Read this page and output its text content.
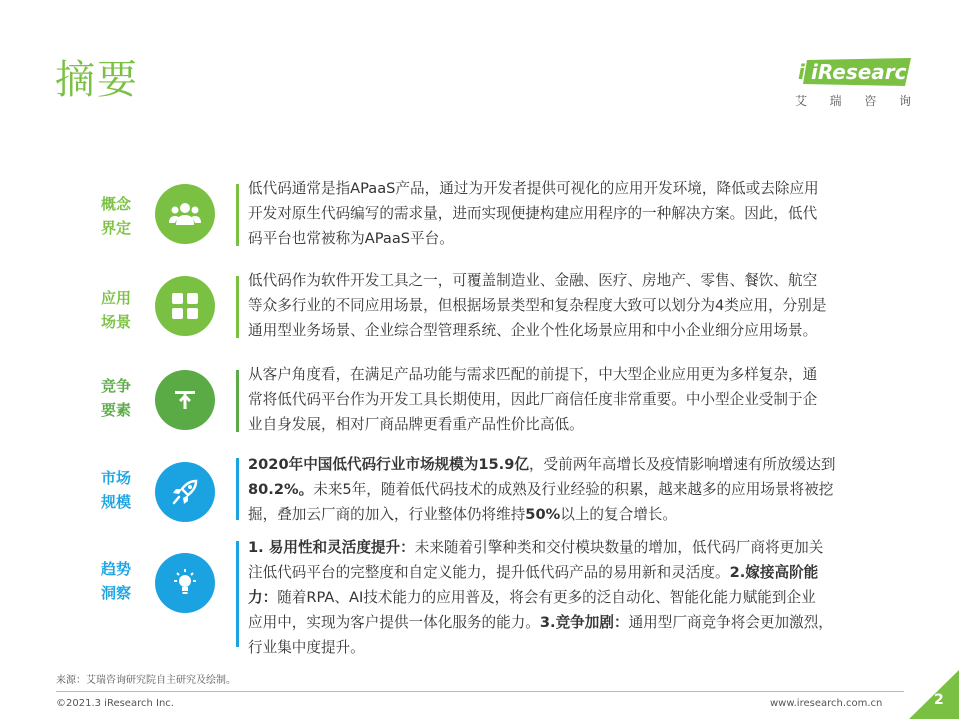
摘要	i iResearch
艾 瑞 咨 询
概念
界定
低代码通常是指APaaS产品，通过为开发者提供可视化的应用开发环境，降低或去除应用
开发对原生代码编写的需求量，进而实现便捷构建应用程序的一种解决方案。因此，低代
码平台也常被称为APaaS平台。
应用
场景
低代码作为软件开发工具之一，可覆盖制造业、金融、医疗、房地产、零售、餐饮、航空
等众多行业的不同应用场景，但根据场景类型和复杂程度大致可以划分为4类应用，分别是
通用型业务场景、企业综合型管理系统、企业个性化场景应用和中小企业细分应用场景。
竞争
要素
从客户角度看，在满足产品功能与需求匹配的前提下，中大型企业应用更为多样复杂，通
常将低代码平台作为开发工具长期使用，因此厂商信任度非常重要。中小型企业受制于企
业自身发展，相对厂商品牌更看重产品性价比高低。
市场
规模
2020年中国低代码行业市场规模为15.9亿，受前两年高增长及疫情影响增速有所放缓达到
80.2%。未来5年，随着低代码技术的成熟及行业经验的积累，越来越多的应用场景将被挖
掘，叠加云厂商的加入，行业整体仍将维持50%以上的复合增长。
趋势
洞察
1. 易用性和灵活度提升：未来随着引擎种类和交付模块数量的增加，低代码厂商将更加关
注低代码平台的完整度和自定义能力，提升低代码产品的易用新和灵活度。2.嫁接高阶能
力：随着RPA、AI技术能力的应用普及，将会有更多的泛自动化、智能化能力赋能到企业
应用中，实现为客户提供一体化服务的能力。3.竞争加剧：通用型厂商竞争将会更加激烈，
行业集中度提升。
来源：艾瑞咨询研究院自主研究及绘制。
©2021.3 iResearch Inc.	www.iresearch.com.cn	2
